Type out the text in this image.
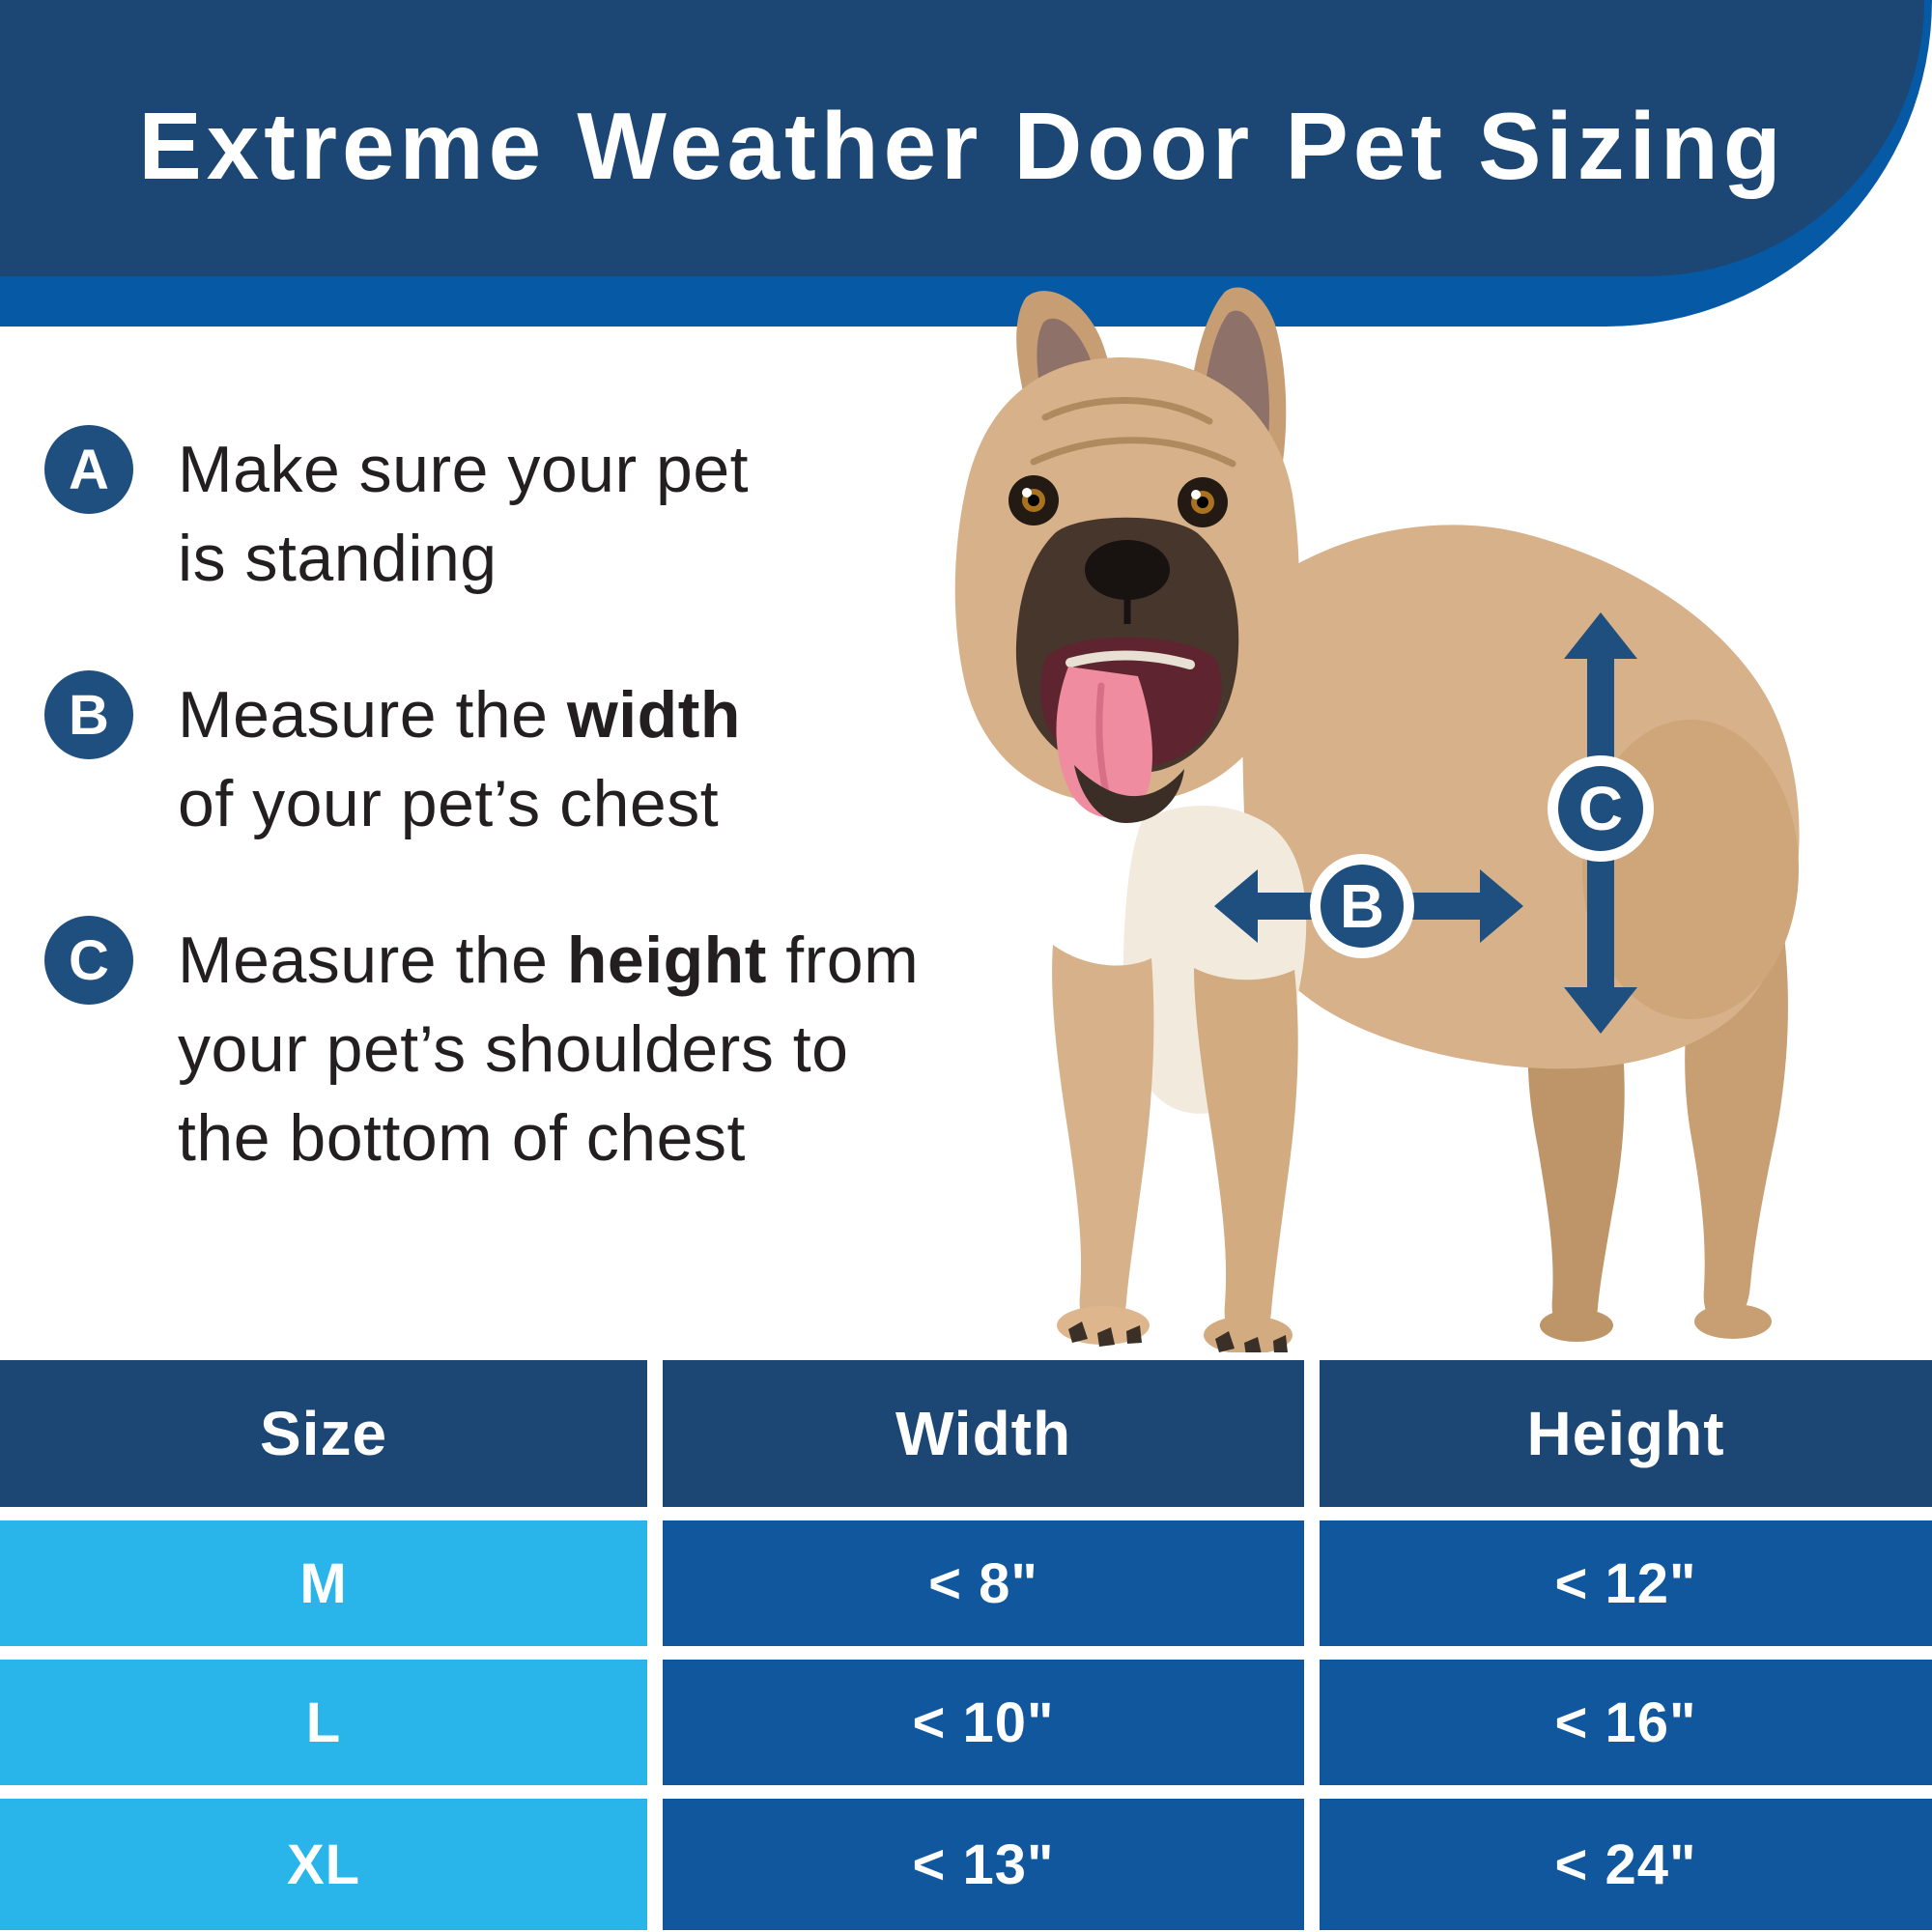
Extreme Weather Door Pet Sizing
A Make sure your pet
is standing
B Measure the width
of your pet’s chest
C Measure the height from
your pet’s shoulders to
the bottom of chest
C
B
Size	Width	Height
M	< 8"	< 12"
L	< 10"	< 16"
XL	< 13"	< 24"
